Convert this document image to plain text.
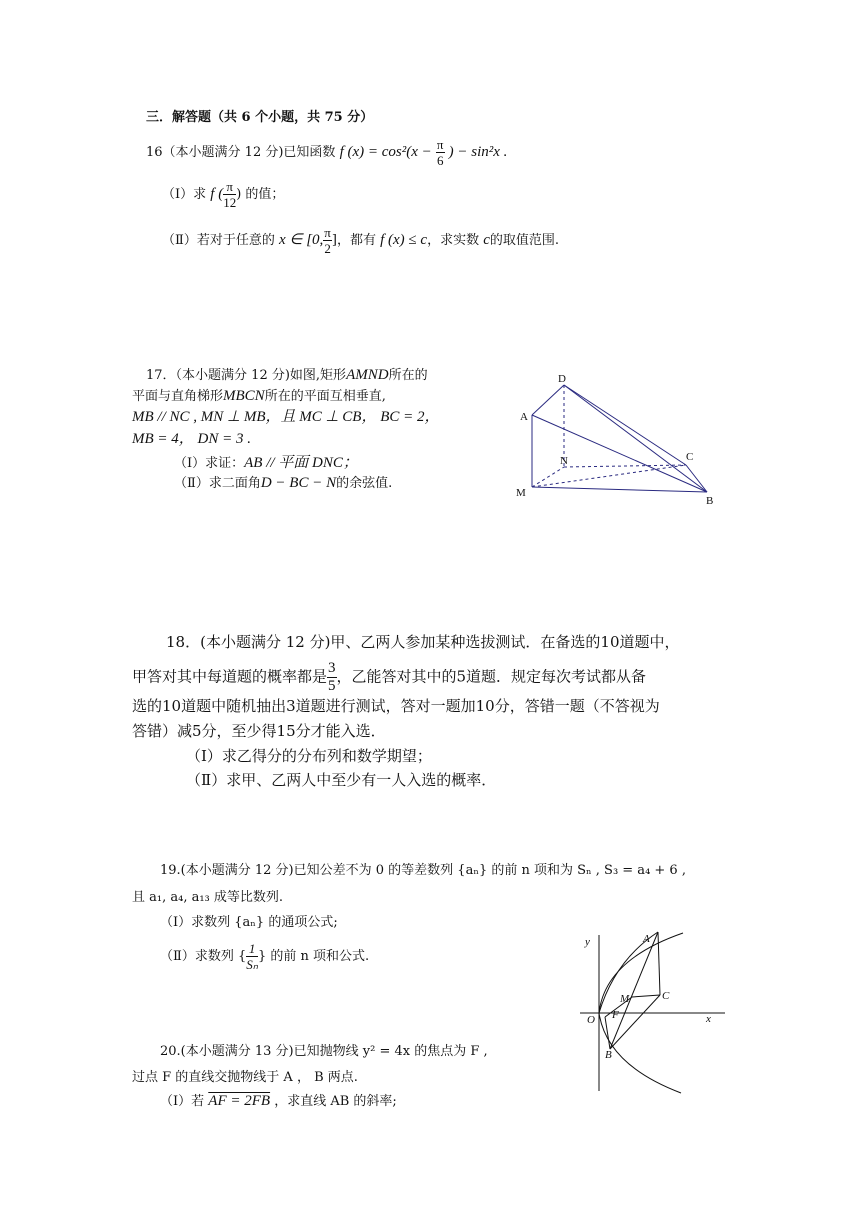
三．解答题（共 6 个小题，共 75 分）
16（本小题满分 12 分)已知函数 f $(x) = \cos^2(x - \frac{\pi}{6}$ ) − sin²x .
（Ⅰ）求 f ( $\frac{\pi}{12}$ ) 的值；
（Ⅱ）若对于任意的 x ∈ [0, $\frac{\pi}{2}$ ]，都有 f (x) ≤ c，求实数 c的取值范围.
17．（本小题满分 12 分)如图,矩形AMND所在的
平面与直角梯形MBCN所在的平面互相垂直,
MB // NC , MN ⊥ MB，且 MC ⊥ CB， BC = 2，
MB = 4， DN = 3 .
（Ⅰ）求证：AB // 平面 DNC；
（Ⅱ）求二面角D − BC − N的余弦值.
D
A
N	C
M
B
18．(本小题满分 12 分)甲、乙两人参加某种选拔测试．在备选的10道题中，
甲答对其中每道题的概率都是 $\frac{3}{5}$ ，乙能答对其中的5道题．规定每次考试都从备
选的10道题中随机抽出3道题进行测试，答对一题加10分，答错一题（不答视为
答错）减5分，至少得15分才能入选．
（Ⅰ）求乙得分的分布列和数学期望；
（Ⅱ）求甲、乙两人中至少有一人入选的概率．
19.(本小题满分 12 分)已知公差不为 0 的等差数列 {aₙ} 的前 n 项和为 Sₙ , S₃ = a₄ + 6 ,
且 a₁, a₄, a₁₃ 成等比数列.
（Ⅰ）求数列 {aₙ} 的通项公式;
（Ⅱ）求数列 { $\frac{1}{\text{Sₙ}}$ } 的前 n 项和公式.
20.(本小题满分 13 分)已知抛物线 y² = 4x 的焦点为 F ,
过点 F 的直线交抛物线于 A ， B 两点.
（Ⅰ）若 AF = 2FB ，求直线 AB 的斜率;
y
x
A
C
M
O F
B
